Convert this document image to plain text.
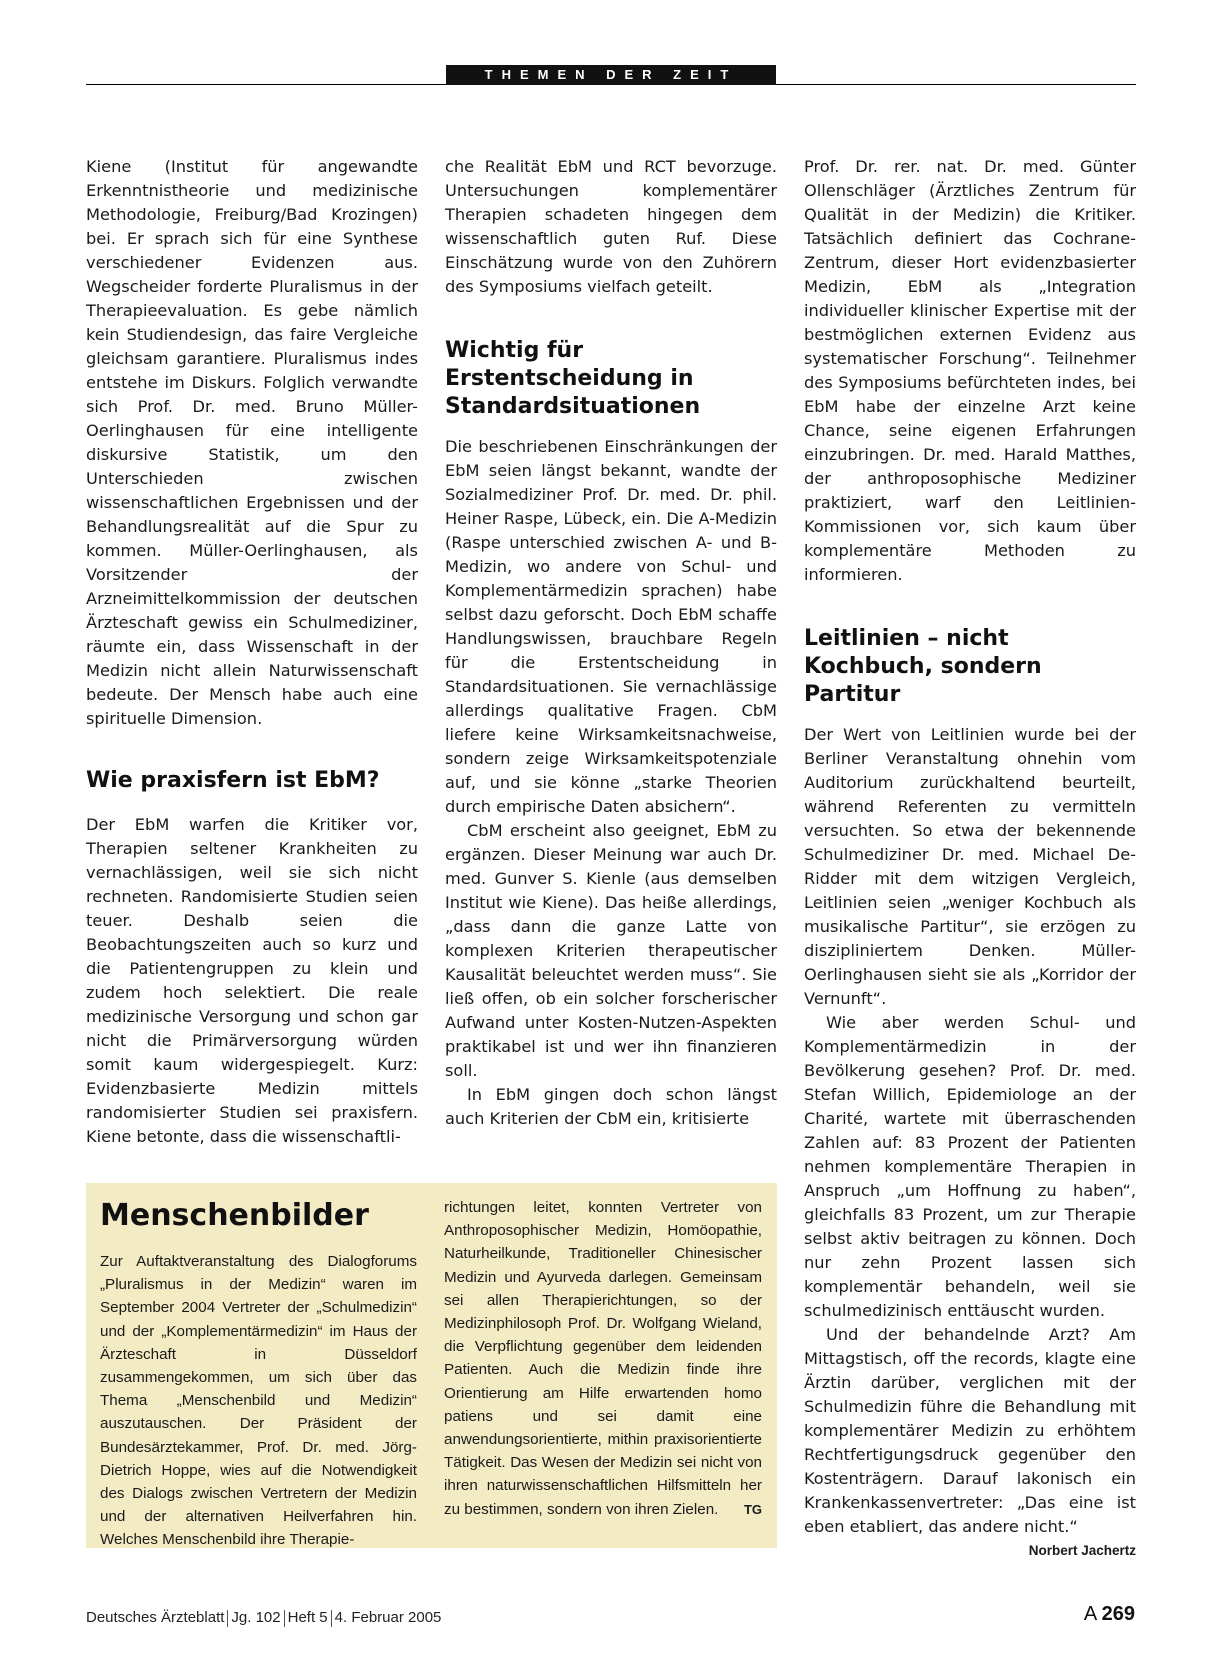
THEMEN DER ZEIT

Kiene (Institut für angewandte Erkenntnistheorie und medizinische Methodologie, Freiburg/Bad Krozingen) bei. Er sprach sich für eine Synthese verschiedener Evidenzen aus. Wegscheider forderte Pluralismus in der Therapieevaluation. Es gebe nämlich kein Studiendesign, das faire Vergleiche gleichsam garantiere. Pluralismus indes entstehe im Diskurs. Folglich verwandte sich Prof. Dr. med. Bruno Müller-Oerlinghausen für eine intelligente diskursive Statistik, um den Unterschieden zwischen wissenschaftlichen Ergebnissen und der Behandlungsrealität auf die Spur zu kommen. Müller-Oerlinghausen, als Vorsitzender der Arzneimittelkommission der deutschen Ärzteschaft gewiss ein Schulmediziner, räumte ein, dass Wissenschaft in der Medizin nicht allein Naturwissenschaft bedeute. Der Mensch habe auch eine spirituelle Dimension.

Wie praxisfern ist EbM?

Der EbM warfen die Kritiker vor, Therapien seltener Krankheiten zu vernachlässigen, weil sie sich nicht rechneten. Randomisierte Studien seien teuer. Deshalb seien die Beobachtungszeiten auch so kurz und die Patientengruppen zu klein und zudem hoch selektiert. Die reale medizinische Versorgung und schon gar nicht die Primärversorgung würden somit kaum widergespiegelt. Kurz: Evidenzbasierte Medizin mittels randomisierter Studien sei praxisfern. Kiene betonte, dass die wissenschaftli-

che Realität EbM und RCT bevorzuge. Untersuchungen komplementärer Therapien schadeten hingegen dem wissenschaftlich guten Ruf. Diese Einschätzung wurde von den Zuhörern des Symposiums vielfach geteilt.

Wichtig für Erstentscheidung in Standardsituationen

Die beschriebenen Einschränkungen der EbM seien längst bekannt, wandte der Sozialmediziner Prof. Dr. med. Dr. phil. Heiner Raspe, Lübeck, ein. Die A-Medizin (Raspe unterschied zwischen A- und B-Medizin, wo andere von Schul- und Komplementärmedizin sprachen) habe selbst dazu geforscht. Doch EbM schaffe Handlungswissen, brauchbare Regeln für die Erstentscheidung in Standardsituationen. Sie vernachlässige allerdings qualitative Fragen. CbM liefere keine Wirksamkeitsnachweise, sondern zeige Wirksamkeitspotenziale auf, und sie könne „starke Theorien durch empirische Daten absichern“.

CbM erscheint also geeignet, EbM zu ergänzen. Dieser Meinung war auch Dr. med. Gunver S. Kienle (aus demselben Institut wie Kiene). Das heiße allerdings, „dass dann die ganze Latte von komplexen Kriterien therapeutischer Kausalität beleuchtet werden muss“. Sie ließ offen, ob ein solcher forscherischer Aufwand unter Kosten-Nutzen-Aspekten praktikabel ist und wer ihn finanzieren soll.

In EbM gingen doch schon längst auch Kriterien der CbM ein, kritisierte

Prof. Dr. rer. nat. Dr. med. Günter Ollenschläger (Ärztliches Zentrum für Qualität in der Medizin) die Kritiker. Tatsächlich definiert das Cochrane-Zentrum, dieser Hort evidenzbasierter Medizin, EbM als „Integration individueller klinischer Expertise mit der bestmöglichen externen Evidenz aus systematischer Forschung“. Teilnehmer des Symposiums befürchteten indes, bei EbM habe der einzelne Arzt keine Chance, seine eigenen Erfahrungen einzubringen. Dr. med. Harald Matthes, der anthroposophische Mediziner praktiziert, warf den Leitlinien-Kommissionen vor, sich kaum über komplementäre Methoden zu informieren.

Leitlinien – nicht Kochbuch, sondern Partitur

Der Wert von Leitlinien wurde bei der Berliner Veranstaltung ohnehin vom Auditorium zurückhaltend beurteilt, während Referenten zu vermitteln versuchten. So etwa der bekennende Schulmediziner Dr. med. Michael De-Ridder mit dem witzigen Vergleich, Leitlinien seien „weniger Kochbuch als musikalische Partitur“, sie erzögen zu diszipliniertem Denken. Müller-Oerlinghausen sieht sie als „Korridor der Vernunft“.

Wie aber werden Schul- und Komplementärmedizin in der Bevölkerung gesehen? Prof. Dr. med. Stefan Willich, Epidemiologe an der Charité, wartete mit überraschenden Zahlen auf: 83 Prozent der Patienten nehmen komplementäre Therapien in Anspruch „um Hoffnung zu haben“, gleichfalls 83 Prozent, um zur Therapie selbst aktiv beitragen zu können. Doch nur zehn Prozent lassen sich komplementär behandeln, weil sie schulmedizinisch enttäuscht wurden.

Und der behandelnde Arzt? Am Mittagstisch, off the records, klagte eine Ärztin darüber, verglichen mit der Schulmedizin führe die Behandlung mit komplementärer Medizin zu erhöhtem Rechtfertigungsdruck gegenüber den Kostenträgern. Darauf lakonisch ein Krankenkassenvertreter: „Das eine ist eben etabliert, das andere nicht.“
Norbert Jachertz

Menschenbilder

Zur Auftaktveranstaltung des Dialogforums „Pluralismus in der Medizin“ waren im September 2004 Vertreter der „Schulmedizin“ und der „Komplementärmedizin“ im Haus der Ärzteschaft in Düsseldorf zusammengekommen, um sich über das Thema „Menschenbild und Medizin“ auszutauschen. Der Präsident der Bundesärztekammer, Prof. Dr. med. Jörg-Dietrich Hoppe, wies auf die Notwendigkeit des Dialogs zwischen Vertretern der Medizin und der alternativen Heilverfahren hin. Welches Menschenbild ihre Therapie-

richtungen leitet, konnten Vertreter von Anthroposophischer Medizin, Homöopathie, Naturheilkunde, Traditioneller Chinesischer Medizin und Ayurveda darlegen. Gemeinsam sei allen Therapierichtungen, so der Medizinphilosoph Prof. Dr. Wolfgang Wieland, die Verpflichtung gegenüber dem leidenden Patienten. Auch die Medizin finde ihre Orientierung am Hilfe erwartenden homo patiens und sei damit eine anwendungsorientierte, mithin praxisorientierte Tätigkeit. Das Wesen der Medizin sei nicht von ihren naturwissenschaftlichen Hilfsmitteln her zu bestimmen, sondern von ihren Zielen. TG

Deutsches Ärzteblatt Jg. 102 Heft 5 4. Februar 2005	A 269
